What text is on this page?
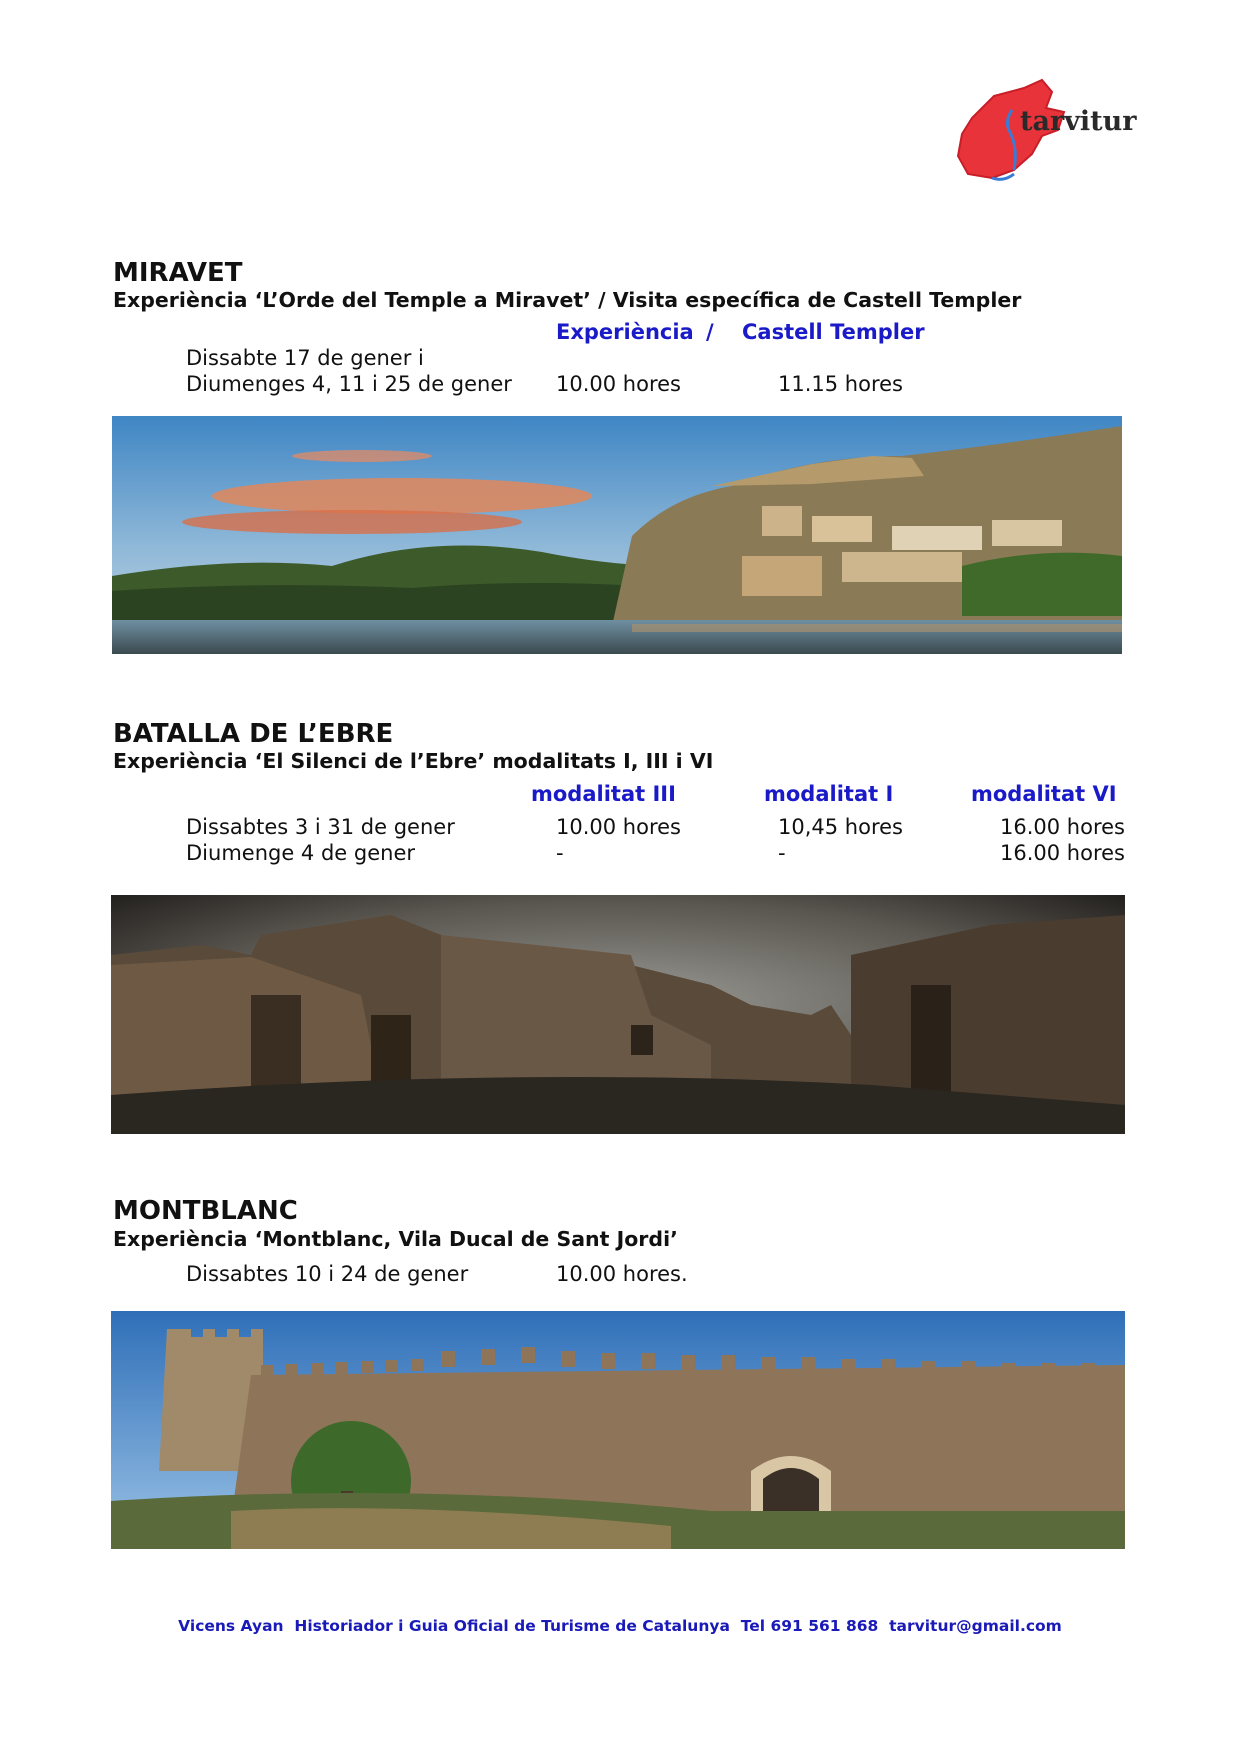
tarvitur
MIRAVET
Experiència ‘L’Orde del Temple a Miravet’ / Visita específica de Castell Templer
Experiència / Castell Templer
Dissabte 17 de gener i
Diumenges 4, 11 i 25 de gener 10.00 hores	11.15 hores
BATALLA DE L’EBRE
Experiència ‘El Silenci de l’Ebre’ modalitats I, III i VI
modalitat III	modalitat I	modalitat VI
Dissabtes 3 i 31 de gener	10.00 hores	10,45 hores	16.00 hores
Diumenge 4 de gener	-	-	16.00 hores
MONTBLANC
Experiència ‘Montblanc, Vila Ducal de Sant Jordi’
Dissabtes 10 i 24 de gener	10.00 hores.
Vicens Ayan  Historiador i Guia Oficial de Turisme de Catalunya  Tel 691 561 868  tarvitur@gmail.com
